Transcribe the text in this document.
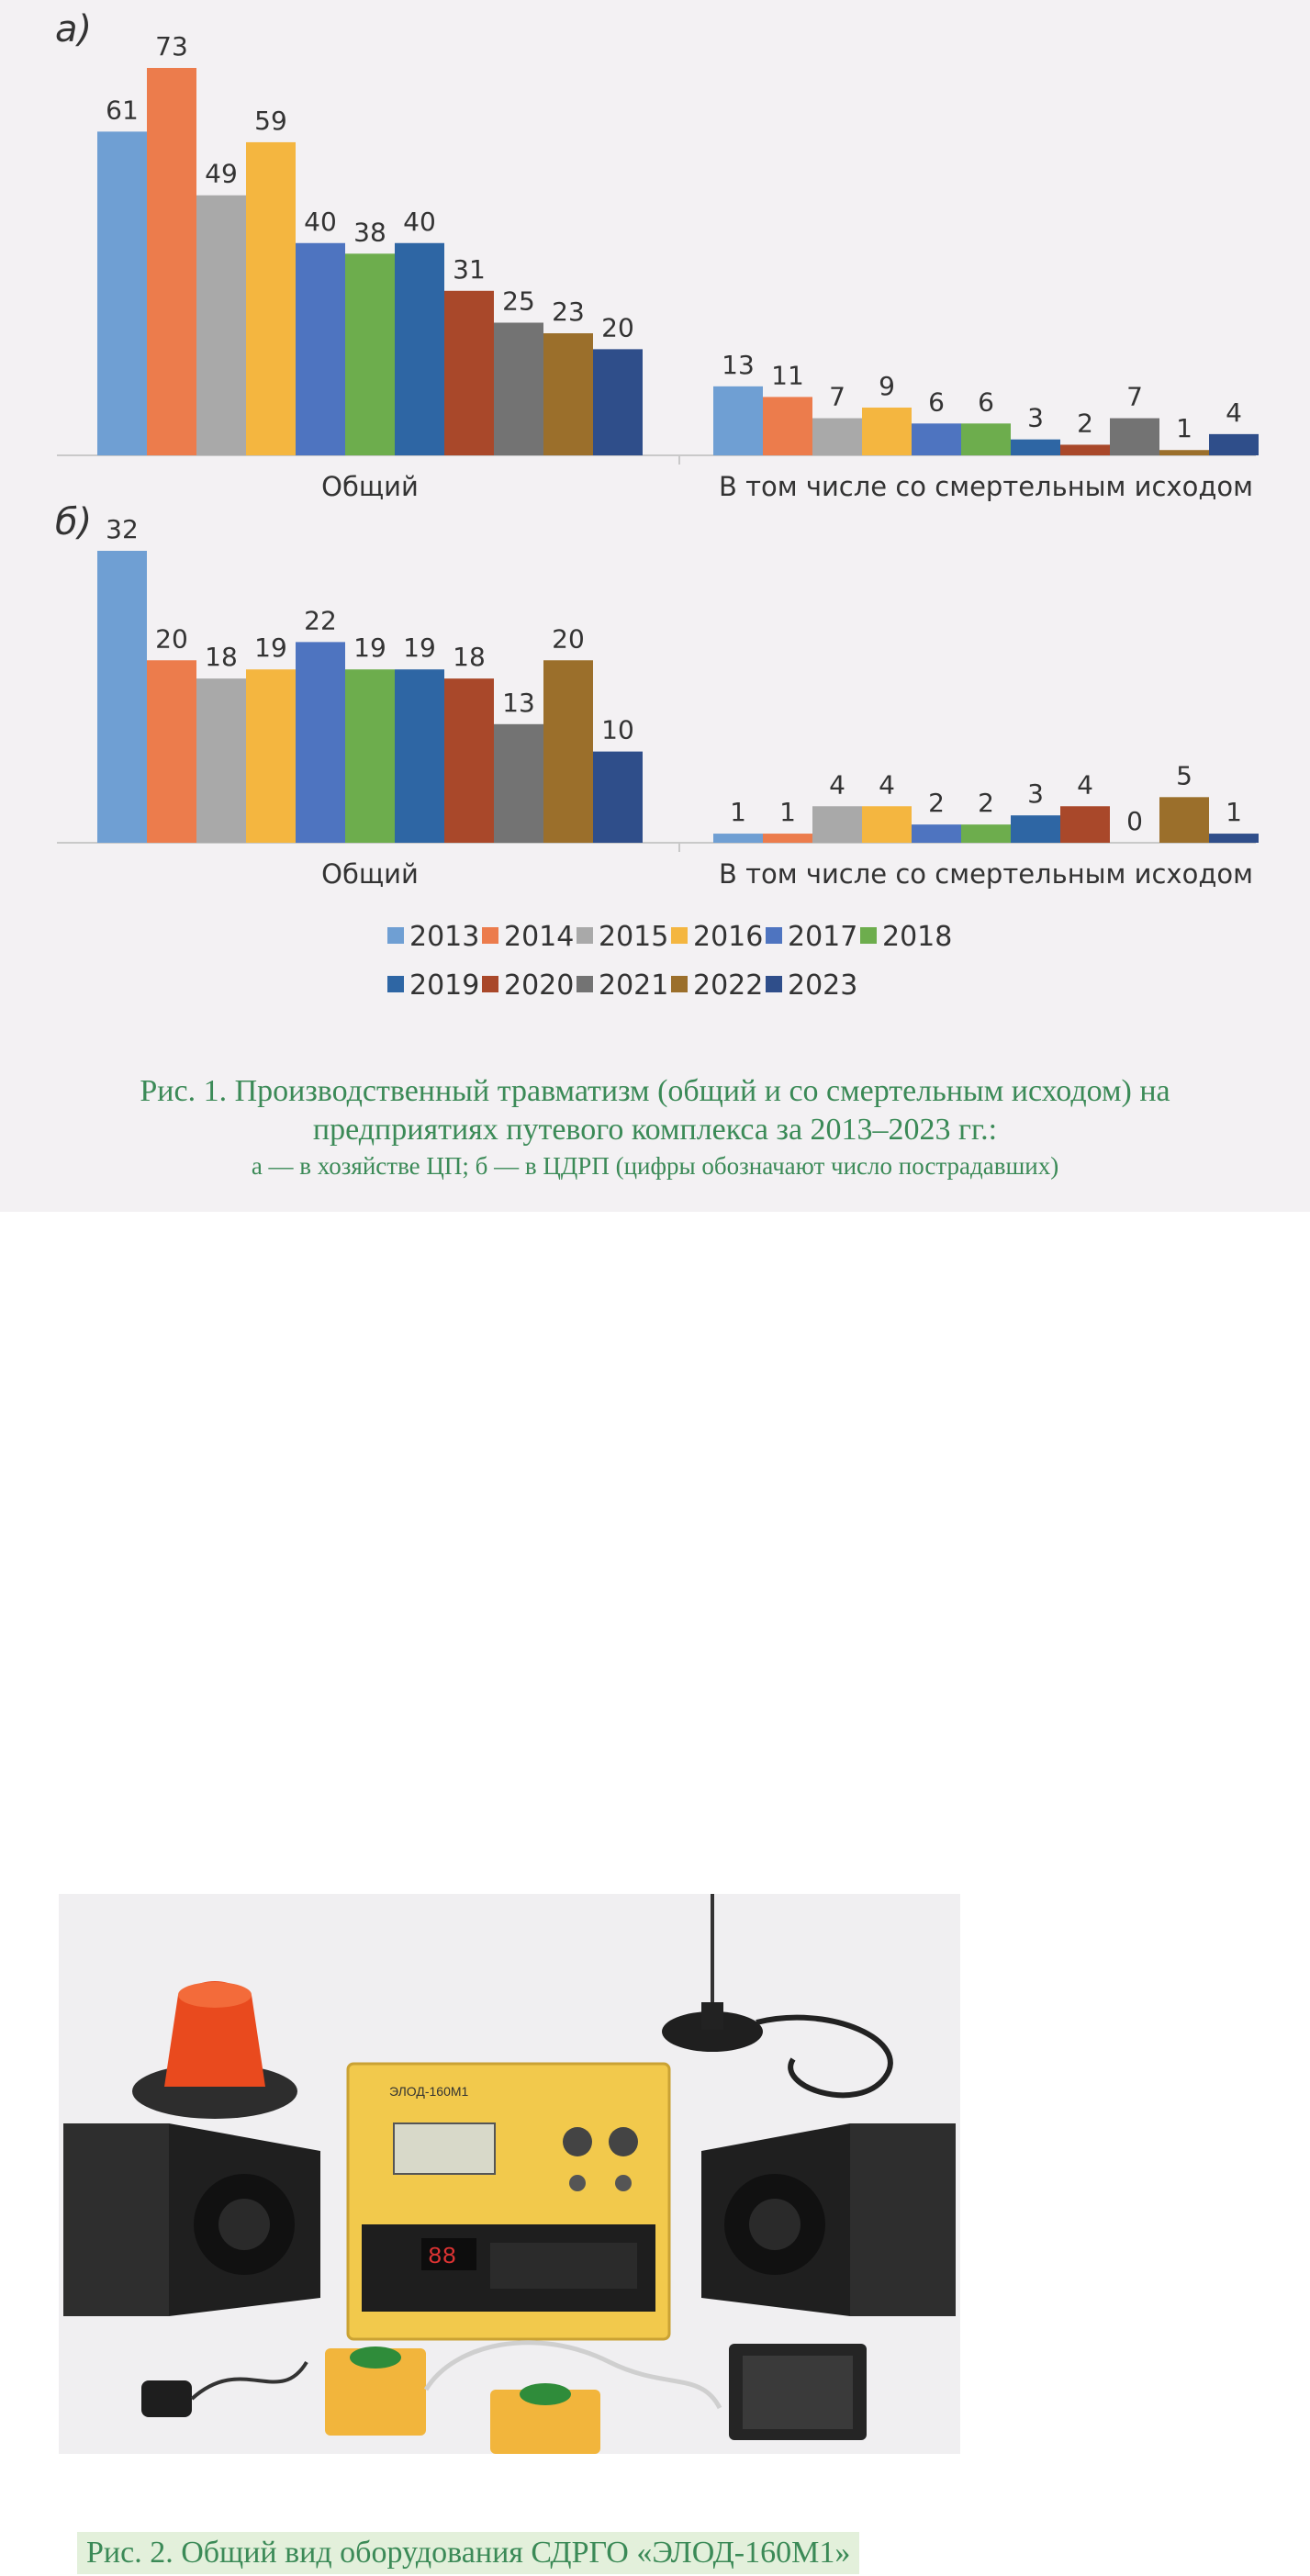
а)
Общий
61
73
49
59
40 38 40
31
25 23
20
В том числе со смертельным исходом
13 11
7 9
6 6
3 2
7
1
4
б)
Общий
32
20
18 19
22
19 19 18
13
20
10
В том числе со смертельным исходом
1 1
4 4
2 2 3 4
0
5
1
2013 2014 2015 2016 2017 2018
2019 2020 2021 2022 2023
Рис. 1. Производственный травматизм (общий и со смертельным исходом) на
предприятиях путевого комплекса за 2013–2023 гг.:
а — в хозяйстве ЦП; б — в ЦДРП (цифры обозначают число пострадавших)
ЭЛОД-160М1
88
Рис. 2. Общий вид оборудования СДРГО «ЭЛОД-160М1»
